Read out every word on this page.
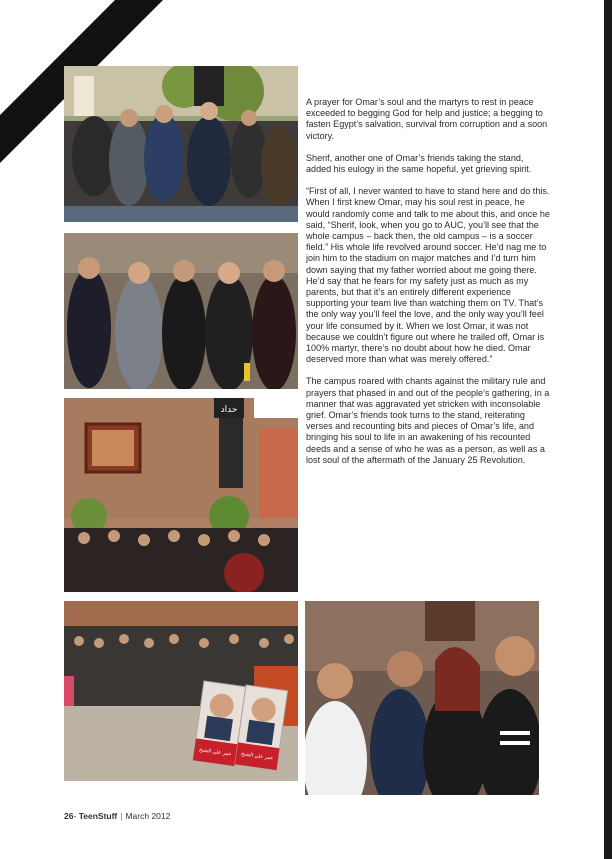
حداد
عمر علي الشيخ عمر علي الشيخ

A prayer for Omar’s soul and the martyrs to rest in peace exceeded to begging God for help and justice; a begging to fasten Egypt’s salvation, survival from corruption and a soon victory.

Sherif, another one of Omar’s friends taking the stand, added his eulogy in the same hopeful, yet grieving spirit.

“First of all, I never wanted to have to stand here and do this. When I first knew Omar, may his soul rest in peace, he would randomly come and talk to me about this, and once he said, “Sherif, look, when you go to AUC, you’ll see that the whole campus – back then, the old campus – is a soccer field.” His whole life revolved around soccer. He’d nag me to join him to the stadium on major matches and I’d turn him down saying that my father worried about me going there. He’d say that he fears for my safety just as much as my parents, but that it’s an entirely different experience supporting your team live than watching them on TV. That’s the only way you’ll feel the love, and the only way you’ll feel your life consumed by it. When we lost Omar, it was not because we couldn’t figure out where he trailed off, Omar is 100% martyr, there’s no doubt about how he died. Omar deserved more than what was merely offered.”

The campus roared with chants against the military rule and prayers that phased in and out of the people’s gathering, in a manner that was aggravated yet stricken with inconsolable grief. Omar’s friends took turns to the stand, reiterating verses and recounting bits and pieces of Omar’s life, and bringing his soul to life in an awakening of his recounted deeds and a sense of who he was as a person, as well as a lost soul of the aftermath of the January 25 Revolution.

26- TeenStuff | March 2012
